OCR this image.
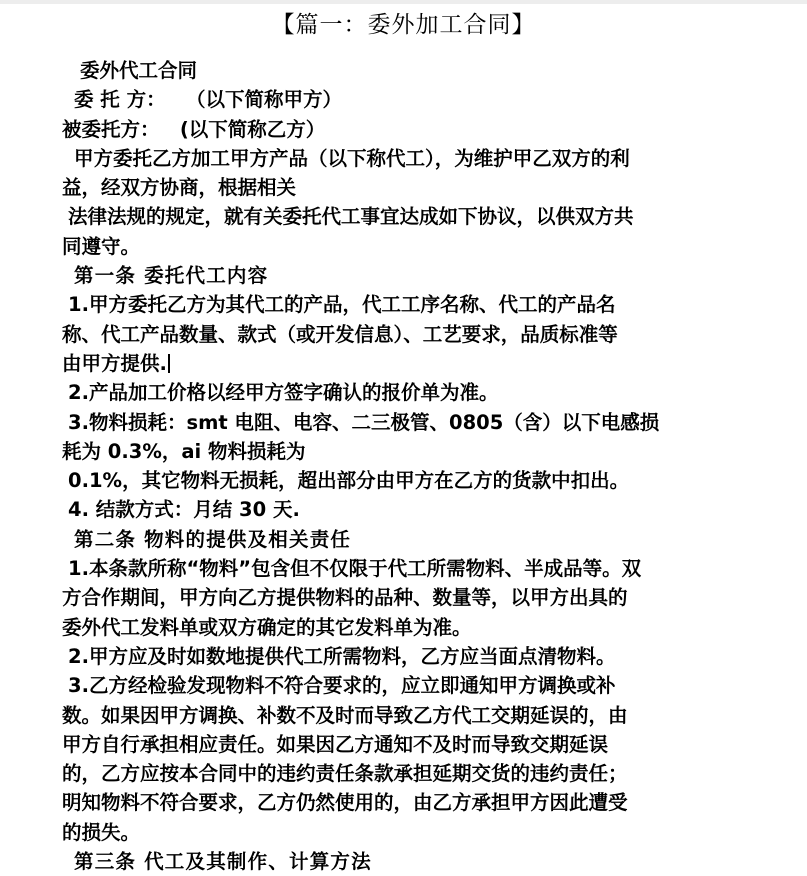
【篇一：委外加工合同】

委外代工合同

委 托 方：   （以下简称甲方）

被委托方：   (以下简称乙方）

甲方委托乙方加工甲方产品（以下称代工），为维护甲乙双方的利

益，经双方协商，根据相关

法律法规的规定，就有关委托代工事宜达成如下协议，以供双方共

同遵守。

第一条 委托代工内容

1.甲方委托乙方为其代工的产品，代工工序名称、代工的产品名

称、代工产品数量、款式（或开发信息）、工艺要求，品质标准等

由甲方提供.

2.产品加工价格以经甲方签字确认的报价单为准。

3.物料损耗：smt 电阻、电容、二三极管、0805（含）以下电感损

耗为 0.3%，ai 物料损耗为

0.1%，其它物料无损耗，超出部分由甲方在乙方的货款中扣出。

4. 结款方式：月结 30 天.

第二条 物料的提供及相关责任

1.本条款所称“物料”包含但不仅限于代工所需物料、半成品等。双

方合作期间，甲方向乙方提供物料的品种、数量等，以甲方出具的

委外代工发料单或双方确定的其它发料单为准。

2.甲方应及时如数地提供代工所需物料，乙方应当面点清物料。

3.乙方经检验发现物料不符合要求的，应立即通知甲方调换或补

数。如果因甲方调换、补数不及时而导致乙方代工交期延误的，由

甲方自行承担相应责任。如果因乙方通知不及时而导致交期延误

的，乙方应按本合同中的违约责任条款承担延期交货的违约责任；

明知物料不符合要求，乙方仍然使用的，由乙方承担甲方因此遭受

的损失。

第三条 代工及其制作、计算方法
